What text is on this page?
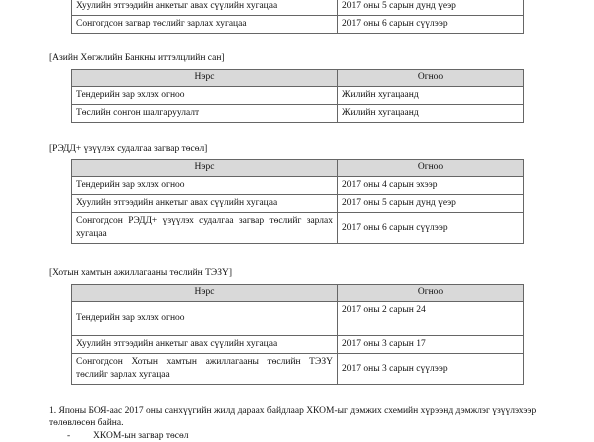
Хуулийн этгээдийн анкетыг авах сүүлийн хугацаа	2017 оны 5 сарын дунд үеэр
Сонгогдсон загвар төслийг зарлах хугацаа	2017 оны 6 сарын сүүлээр
[Азийн Хөгжлийн Банкны иттэлцлийн сан]
Нэрс	Огноо
Тендерийн зар эхлэх огноо	Жилийн хугацаанд
Төслийн сонгон шалгаруулалт	Жилийн хугацаанд
[РЭДД+ үзүүлэх судалгаа загвар төсөл]
Нэрс	Огноо
Тендерийн зар эхлэх огноо	2017 оны 4 сарын эхээр
Хуулийн этгээдийн анкетыг авах сүүлийн хугацаа	2017 оны 5 сарын дунд үеэр
Сонгогдсон РЭДД+ үзүүлэх судалгаа загвар төслийг зарлах хугацаа	2017 оны 6 сарын сүүлээр
[Хотын хамтын ажиллагааны төслийн ТЭЗҮ]
Нэрс	Огноо
Тендерийн зар эхлэх огноо	2017 оны 2 сарын 24
Хуулийн этгээдийн анкетыг авах сүүлийн хугацаа	2017 оны 3 сарын 17
Сонгогдсон Хотын хамтын ажиллагааны төслийн ТЭЗҮ төслийг зарлах хугацаа	2017 оны 3 сарын сүүлээр
1. Японы БОЯ-аас 2017 оны санхүүгийн жилд дараах байдлаар ХКОМ-ыг дэмжих схемийн хүрээнд дэмжлэг үзүүлэхээр төлөвлөсөн байна.
- ХКОМ-ын загвар төсөл
